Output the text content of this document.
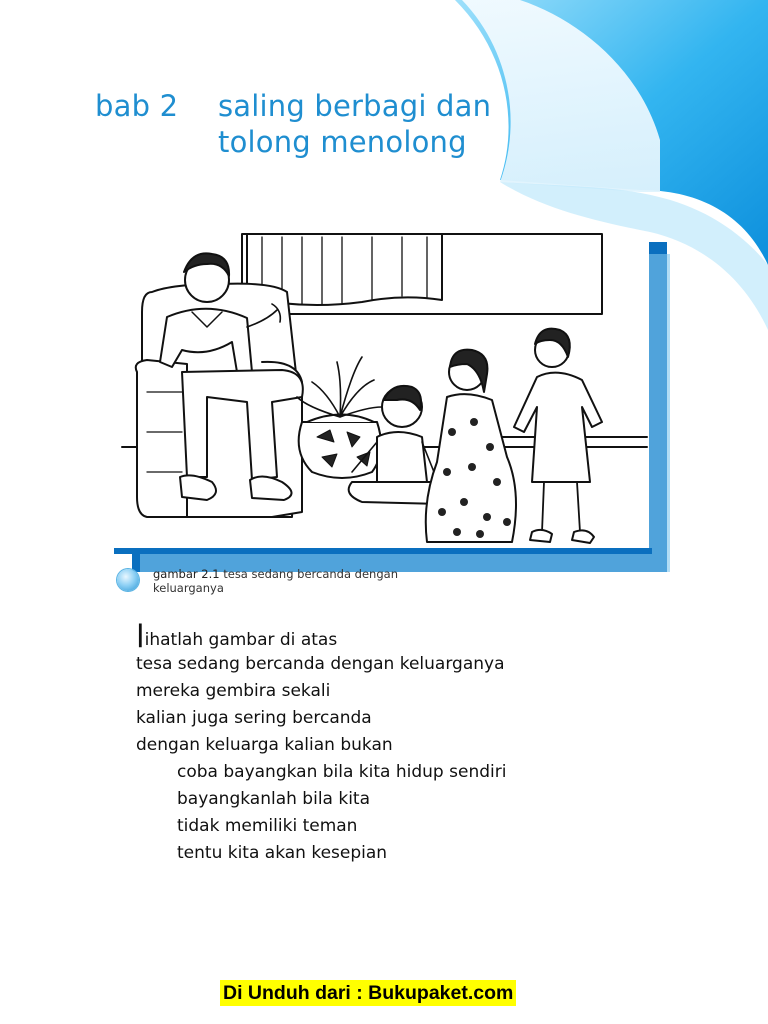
bab 2 saling berbagi dan
tolong menolong
gambar 2.1 tesa sedang bercanda dengan keluarganya
lihatlah gambar di atas
tesa sedang bercanda dengan keluarganya
mereka gembira sekali
kalian juga sering bercanda
dengan keluarga kalian bukan
coba bayangkan bila kita hidup sendiri
bayangkanlah bila kita
tidak memiliki teman
tentu kita akan kesepian
Di Unduh dari : Bukupaket.com
